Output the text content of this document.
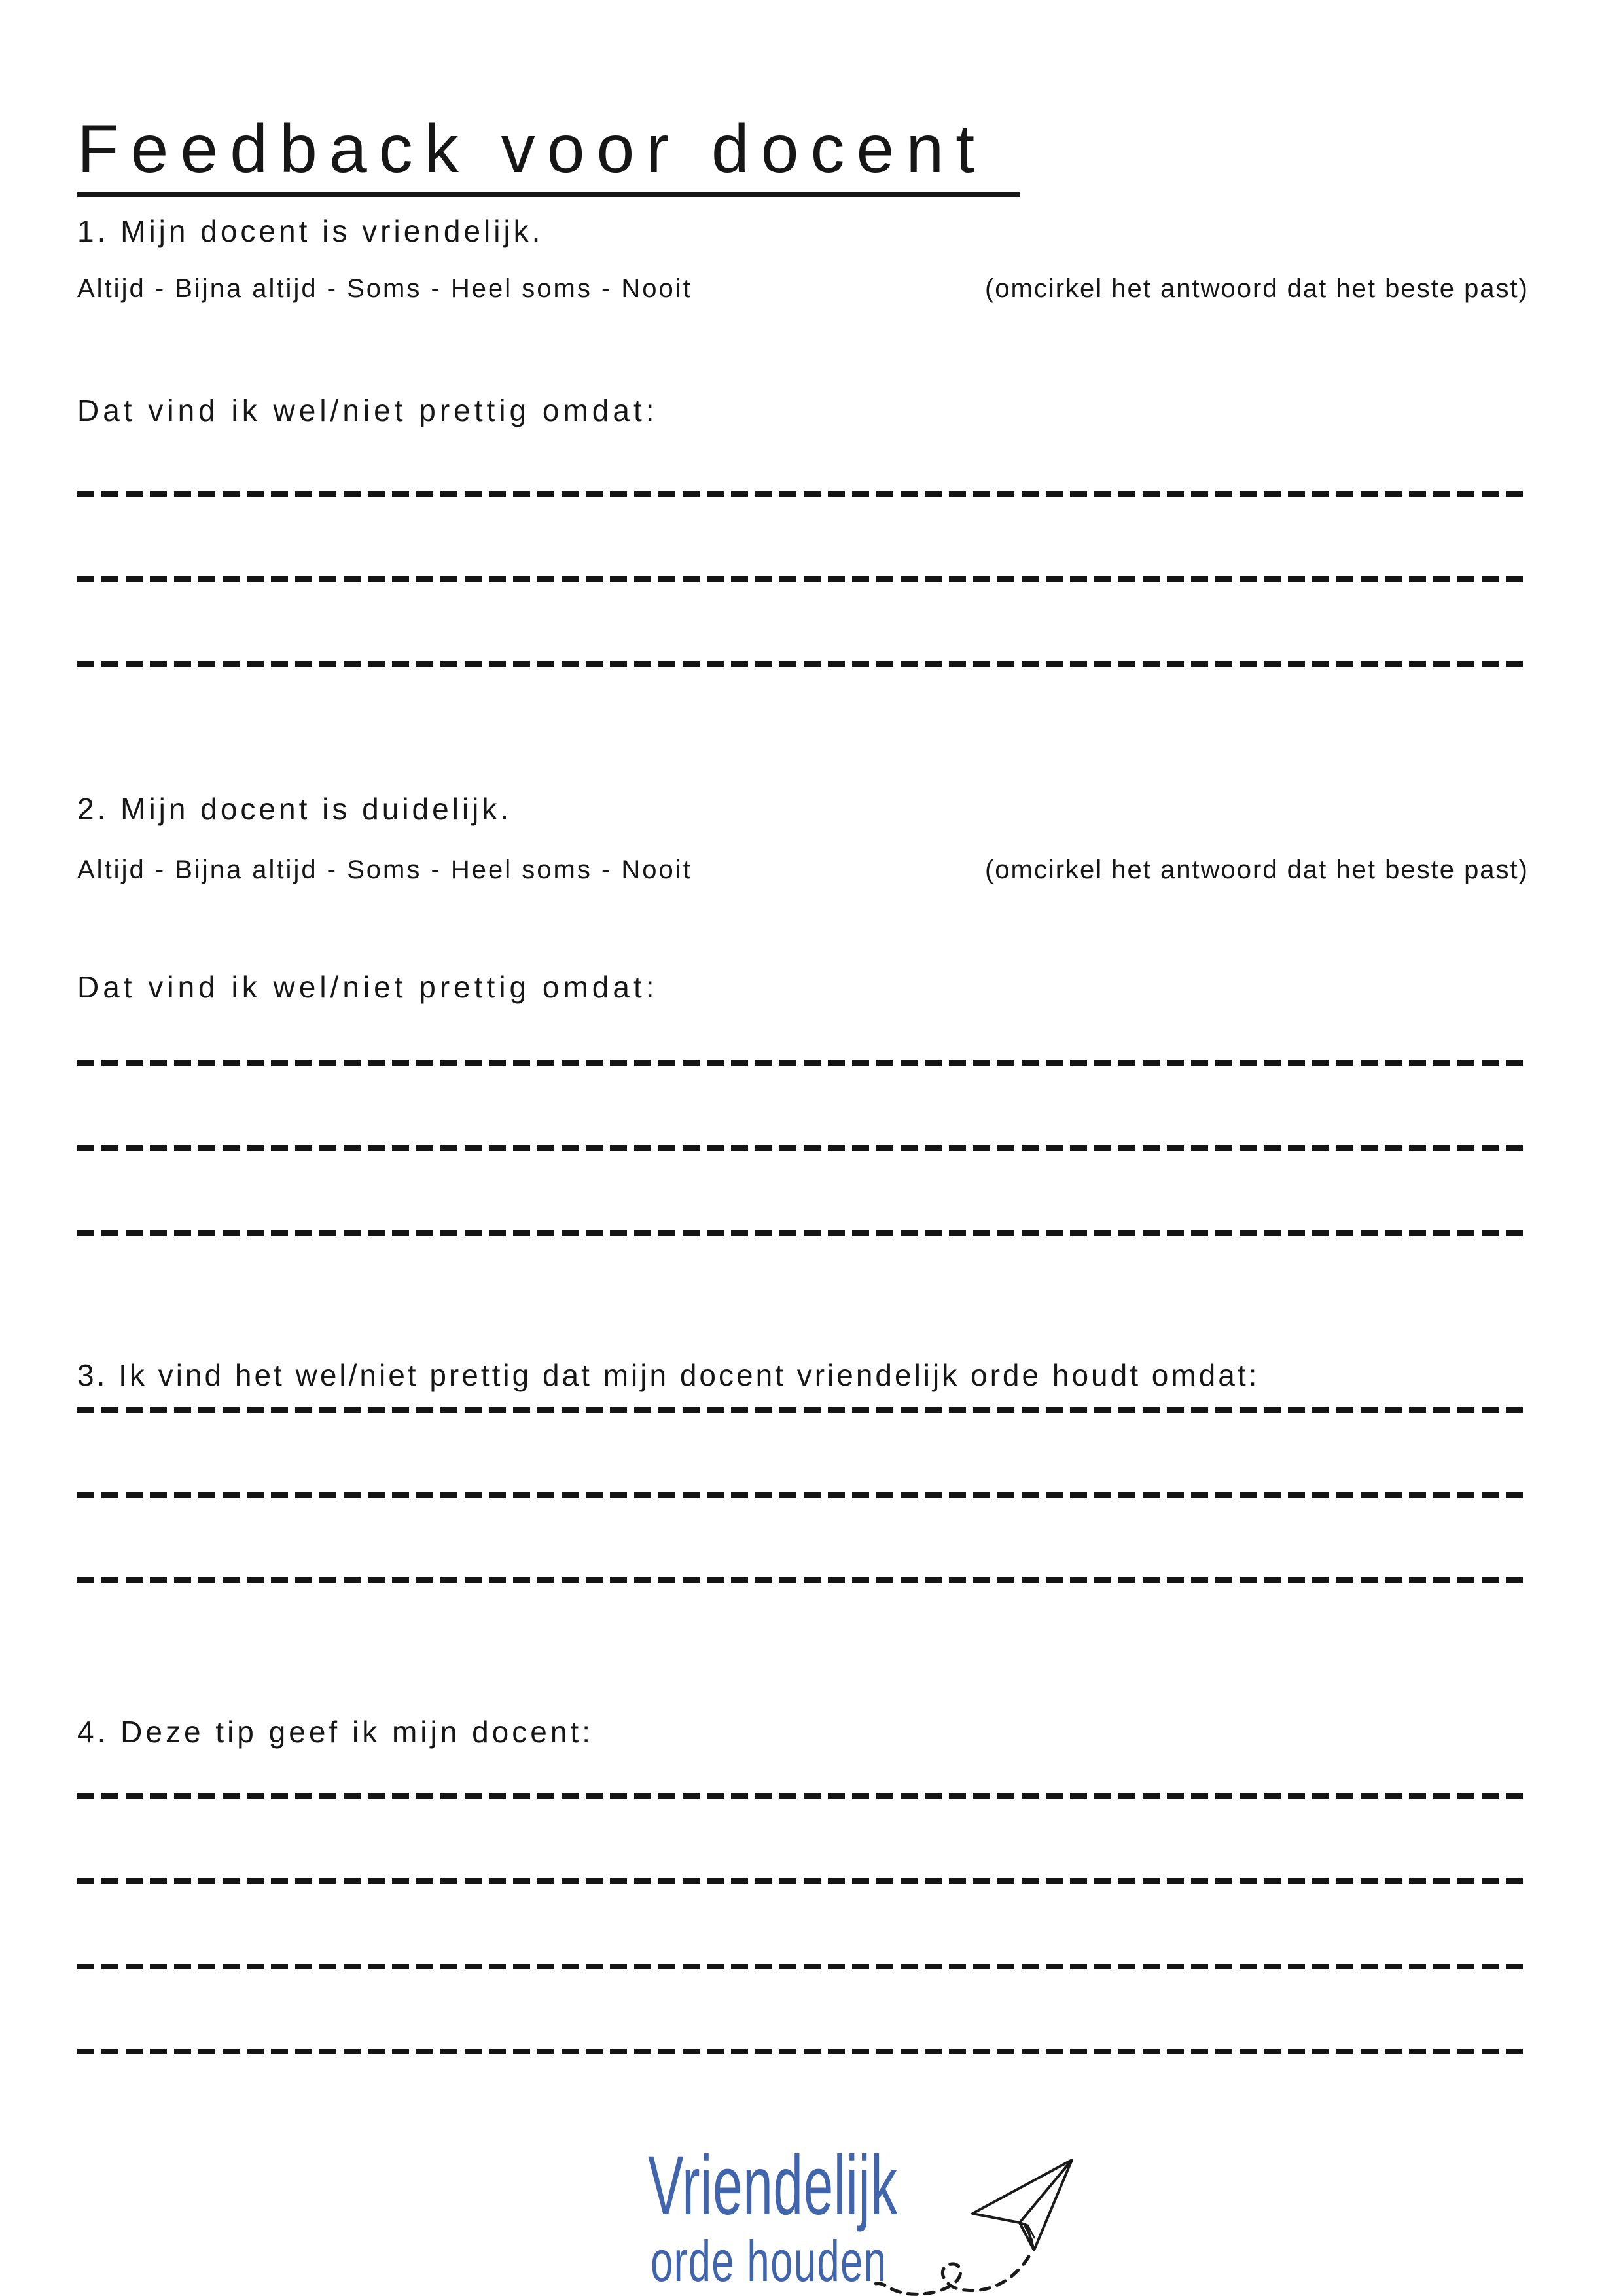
Feedback voor docent

1. Mijn docent is vriendelijk.

Altijd - Bijna altijd - Soms - Heel soms - Nooit	(omcirkel het antwoord dat het beste past)

Dat vind ik wel/niet prettig omdat:

2. Mijn docent is duidelijk.

Altijd - Bijna altijd - Soms - Heel soms - Nooit	(omcirkel het antwoord dat het beste past)

Dat vind ik wel/niet prettig omdat:

3. Ik vind het wel/niet prettig dat mijn docent vriendelijk orde houdt omdat:

4. Deze tip geef ik mijn docent:

Vriendelijk
orde houden
